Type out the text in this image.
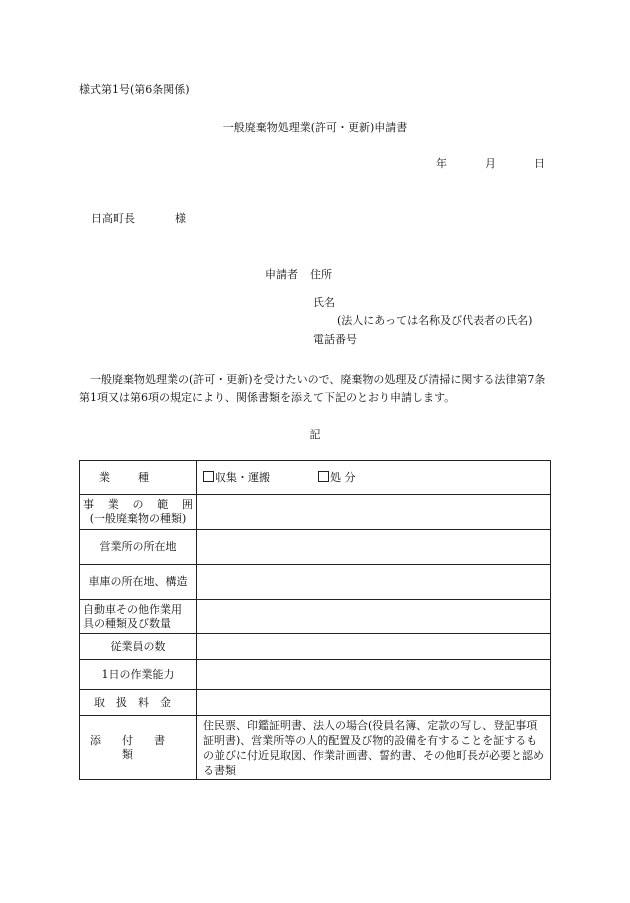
様式第1号(第6条関係)
一般廃棄物処理業(許可・更新)申請書
年	月	日
日高町長	様
申請者 住所
氏名
(法人にあっては名称及び代表者の氏名)
電話番号
一般廃棄物処理業の(許可・更新)を受けたいので、廃棄物の処理及び清掃に関する法律第7条第1項又は第6項の規定により、関係書類を添えて下記のとおり申請します。
記
業種	収集・運搬 処 分

事業の範囲
(一般廃棄物の種類)	

営業所の所在地	
車庫の所在地、構造	

自動車その他作業用
具の種類及び数量	

従業員の数	
1日の作業能力	
取扱料金	
添付書類	住民票、印鑑証明書、法人の場合(役員名簿、定款の写し、登記事項証明書)、営業所等の人的配置及び物的設備を有することを証するもの並びに付近見取図、作業計画書、誓約書、その他町長が必要と認める書類
